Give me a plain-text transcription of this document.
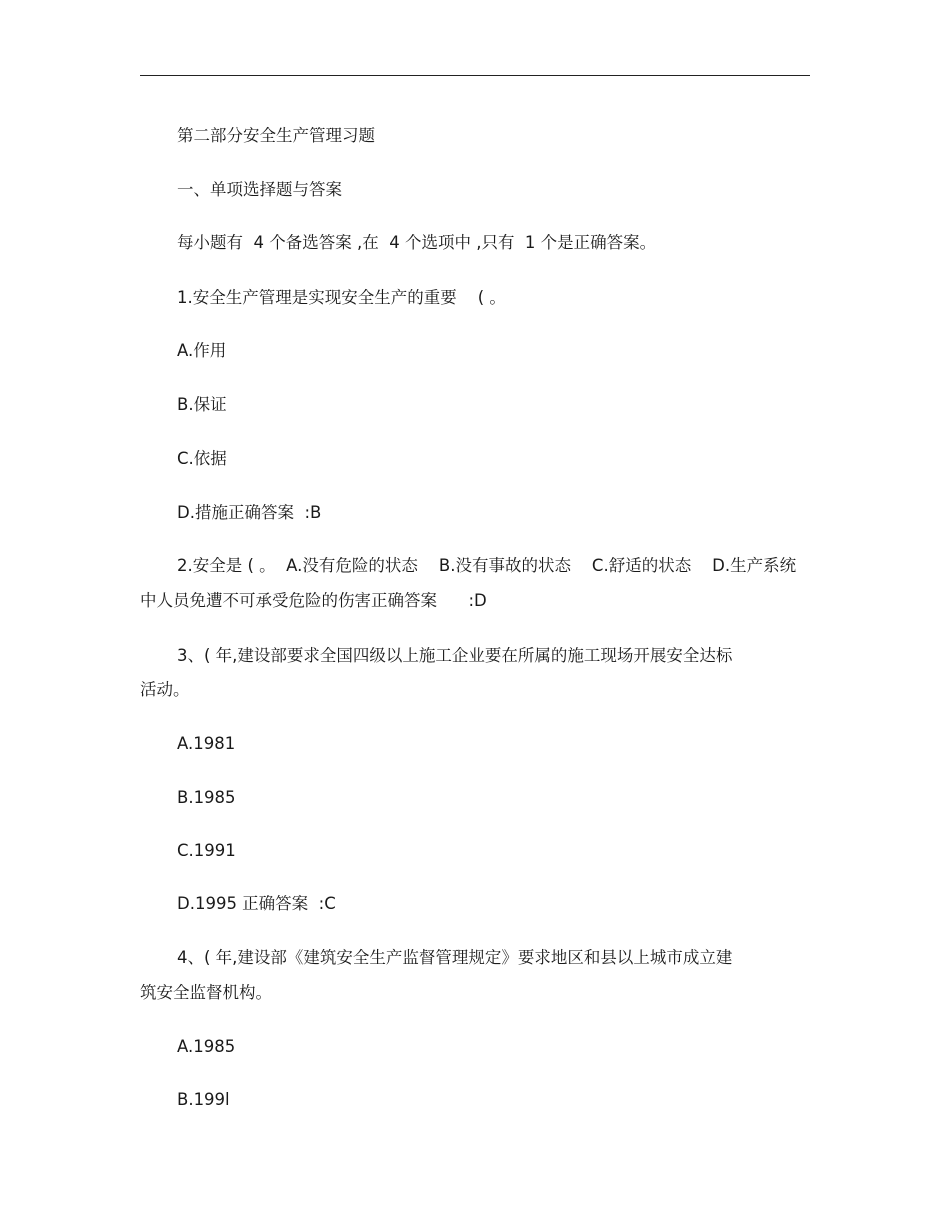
第二部分安全生产管理习题
一、单项选择题与答案
每小题有  4 个备选答案 ,在  4 个选项中 ,只有  1 个是正确答案。
1.安全生产管理是实现安全生产的重要    ( 。
A.作用
B.保证
C.依据
D.措施正确答案  :B
2.安全是 ( 。  A.没有危险的状态    B.没有事故的状态    C.舒适的状态    D.生产系统
中人员免遭不可承受危险的伤害正确答案      :D
3、( 年,建设部要求全国四级以上施工企业要在所属的施工现场开展安全达标
活动。
A.1981
B.1985
C.1991
D.1995 正确答案  :C
4、( 年,建设部《建筑安全生产监督管理规定》要求地区和县以上城市成立建
筑安全监督机构。
A.1985
B.199l
